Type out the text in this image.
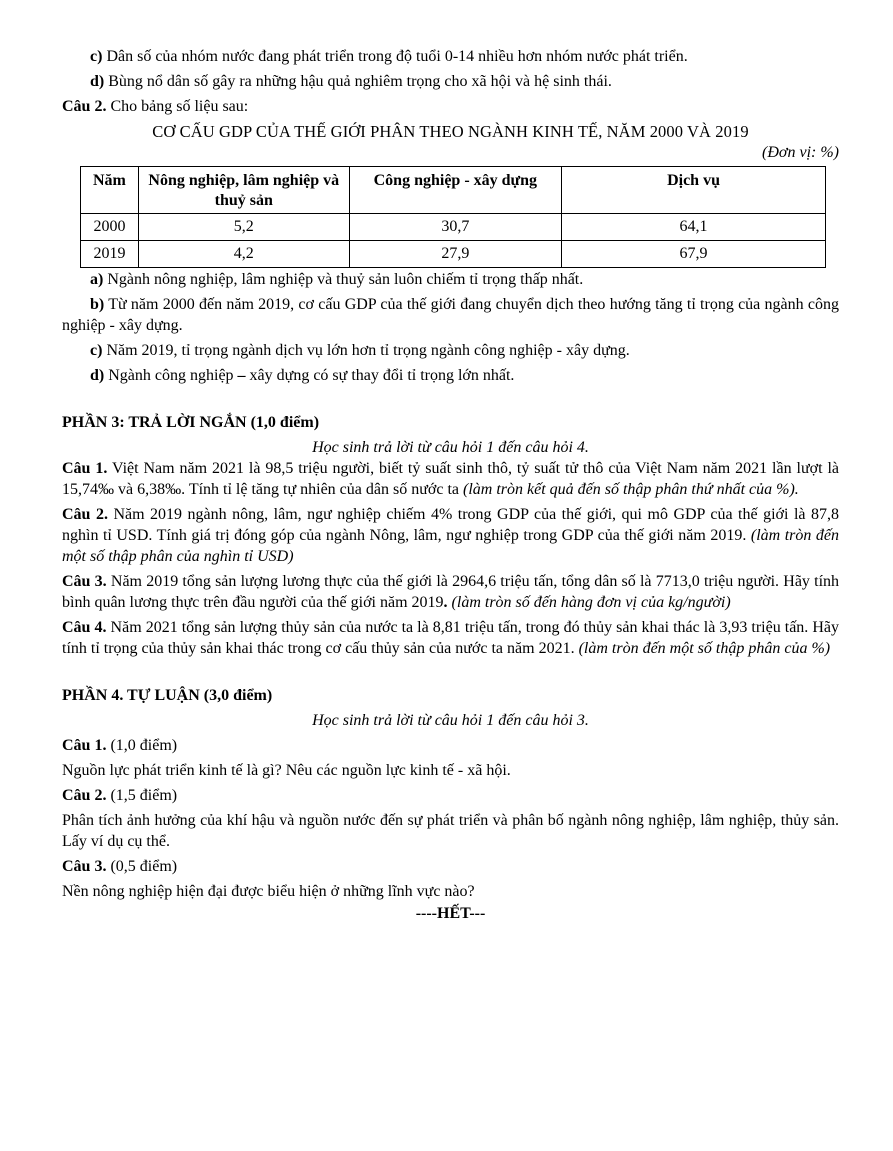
c) Dân số của nhóm nước đang phát triển trong độ tuổi 0-14 nhiều hơn nhóm nước phát triển.

d) Bùng nổ dân số gây ra những hậu quả nghiêm trọng cho xã hội và hệ sinh thái.

Câu 2. Cho bảng số liệu sau:

CƠ CẤU GDP CỦA THẾ GIỚI PHÂN THEO NGÀNH KINH TẾ, NĂM 2000 VÀ 2019

(Đơn vị: %)

Năm	Nông nghiệp, lâm nghiệp và thuỷ sản	Công nghiệp - xây dựng	Dịch vụ
2000	5,2	30,7	64,1
2019	4,2	27,9	67,9

a) Ngành nông nghiệp, lâm nghiệp và thuỷ sản luôn chiếm tỉ trọng thấp nhất.

b) Từ năm 2000 đến năm 2019, cơ cấu GDP của thế giới đang chuyển dịch theo hướng tăng tỉ trọng của ngành công nghiệp - xây dựng.

c) Năm 2019, tỉ trọng ngành dịch vụ lớn hơn tỉ trọng ngành công nghiệp - xây dựng.

d) Ngành công nghiệp – xây dựng có sự thay đổi tỉ trọng lớn nhất.

PHẦN 3: TRẢ LỜI NGẮN (1,0 điểm)

Học sinh trả lời từ câu hỏi 1 đến câu hỏi 4.

Câu 1. Việt Nam năm 2021 là 98,5 triệu người, biết tỷ suất sinh thô, tỷ suất tử thô của Việt Nam năm 2021 lần lượt là 15,74‰ và 6,38‰. Tính tỉ lệ tăng tự nhiên của dân số nước ta (làm tròn kết quả đến số thập phân thứ nhất của %).

Câu 2. Năm 2019 ngành nông, lâm, ngư nghiệp chiếm 4% trong GDP của thế giới, qui mô GDP của thế giới là 87,8 nghìn tỉ USD. Tính giá trị đóng góp của ngành Nông, lâm, ngư nghiệp trong GDP của thế giới năm 2019. (làm tròn đến một số thập phân của nghìn tỉ USD)

Câu 3. Năm 2019 tổng sản lượng lương thực của thế giới là 2964,6 triệu tấn, tổng dân số là 7713,0 triệu người. Hãy tính bình quân lương thực trên đầu người của thế giới năm 2019. (làm tròn số đến hàng đơn vị của kg/người)

Câu 4. Năm 2021 tổng sản lượng thủy sản của nước ta là 8,81 triệu tấn, trong đó thủy sản khai thác là 3,93 triệu tấn. Hãy tính tỉ trọng của thủy sản khai thác trong cơ cấu thủy sản của nước ta năm 2021. (làm tròn đến một số thập phân của %)

PHẦN 4. TỰ LUẬN (3,0 điểm)

Học sinh trả lời từ câu hỏi 1 đến câu hỏi 3.

Câu 1. (1,0 điểm)

Nguồn lực phát triển kinh tế là gì? Nêu các nguồn lực kinh tế - xã hội.

Câu 2. (1,5 điểm)

Phân tích ảnh hưởng của khí hậu và nguồn nước đến sự phát triển và phân bố ngành nông nghiệp, lâm nghiệp, thủy sản. Lấy ví dụ cụ thể.

Câu 3. (0,5 điểm)

Nền nông nghiệp hiện đại được biểu hiện ở những lĩnh vực nào?

----HẾT---
